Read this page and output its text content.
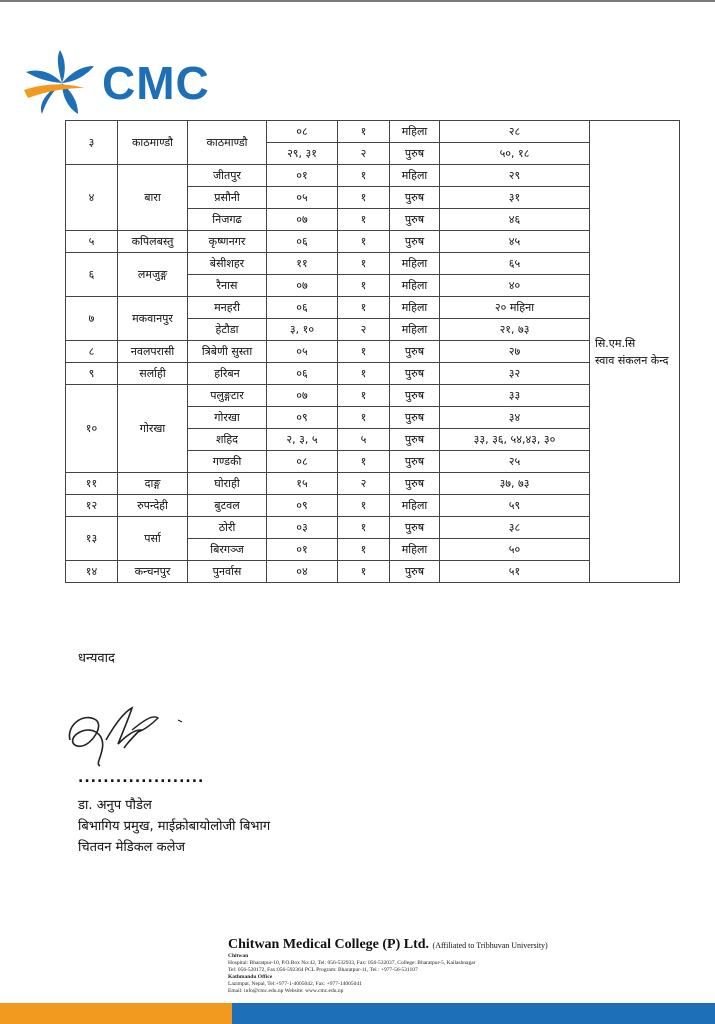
CMC
३	काठमाण्डौ	काठमाण्डौ	०८	१	महिला	२८	सि.एम.सि
स्वाव संकलन केन्द

			२९, ३१	२	पुरुष	५०, १८	
४	बारा	जीतपुर	०१	१	महिला	२९	
		प्रसौनी	०५	१	पुरुष	३१	
		निजगढ	०७	१	पुरुष	४६	
५	कपिलबस्तु	कृष्णनगर	०६	१	पुरुष	४५	
६	लमजुङ्ग	बेसीशहर	११	१	महिला	६५	
		रैनास	०७	१	महिला	४०	
७	मकवानपुर	मनहरी	०६	१	महिला	२० महिना	
		हेटौडा	३, १०	२	महिला	२१, ७३	
८	नवलपरासी	त्रिबेणी सुस्ता	०५	१	पुरुष	२७	
९	सर्लाही	हरिबन	०६	१	पुरुष	३२	
१०	गोरखा	पलुङ्गटार	०७	१	पुरुष	३३	
		गोरखा	०९	१	पुरुष	३४	
		शहिद	२, ३, ५	५	पुरुष	३३, ३६, ५४,४३, ३०	
		गण्डकी	०८	१	पुरुष	२५	
११	दाङ्ग	घोराही	१५	२	पुरुष	३७, ७३	
१२	रुपन्देही	बुटवल	०९	१	महिला	५९	
१३	पर्सा	ठोरी	०३	१	पुरुष	३८	
		बिरगञ्ज	०१	१	महिला	५०	
१४	कन्चनपुर	पुनर्वास	०४	१	पुरुष	५१	
धन्यवाद
....................
डा. अनुप पौडेल
बिभागिय प्रमुख, माईक्रोबायोलोजी बिभाग
चितवन मेडिकल कलेज
Chitwan Medical College (P) Ltd. (Affiliated to Tribhuvan University)
Chitwan
Hospital: Bharatpur-10, P.O.Box No:42, Tel: 056-532933, Fax: 056-532037, College: Bharatpur-5, Kailashnagar
Tel: 056-520172, Fax:056-592364 PCL Program: Bharatpur-11, Tel : +977-56-531107
Kathmandu Office
Lazimpat, Nepal, Tel:+977-1-4005042, Fax: +977-14005041
Email: info@cmc.edu.np Website: www.cmc.edu.np
